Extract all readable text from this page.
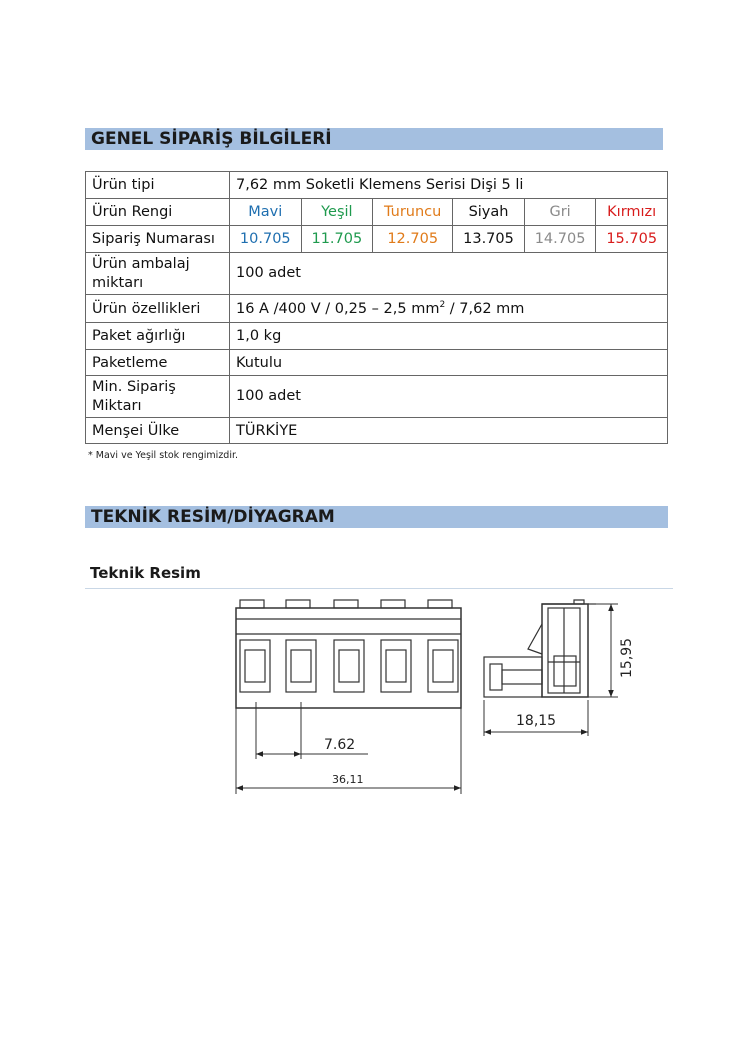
GENEL SİPARİŞ BİLGİLERİ
Ürün tipi	7,62 mm Soketli Klemens Serisi Dişi 5 li					
Ürün Rengi	Mavi	Yeşil	Turuncu	Siyah	Gri	Kırmızı
Sipariş Numarası	10.705	11.705	12.705	13.705	14.705	15.705
Ürün ambalaj miktarı	100 adet					
Ürün özellikleri	16 A /400 V / 0,25 – 2,5 $mm^2 / 7,62$ mm					
Paket ağırlığı	1,0 kg					
Paketleme	Kutulu					
Min. Sipariş Miktarı	100 adet					
Menşei Ülke	TÜRKİYE					
* Mavi ve Yeşil stok rengimizdir.
TEKNİK RESİM/DİYAGRAM
Teknik Resim
7.62
36,11
18,15
15,95
